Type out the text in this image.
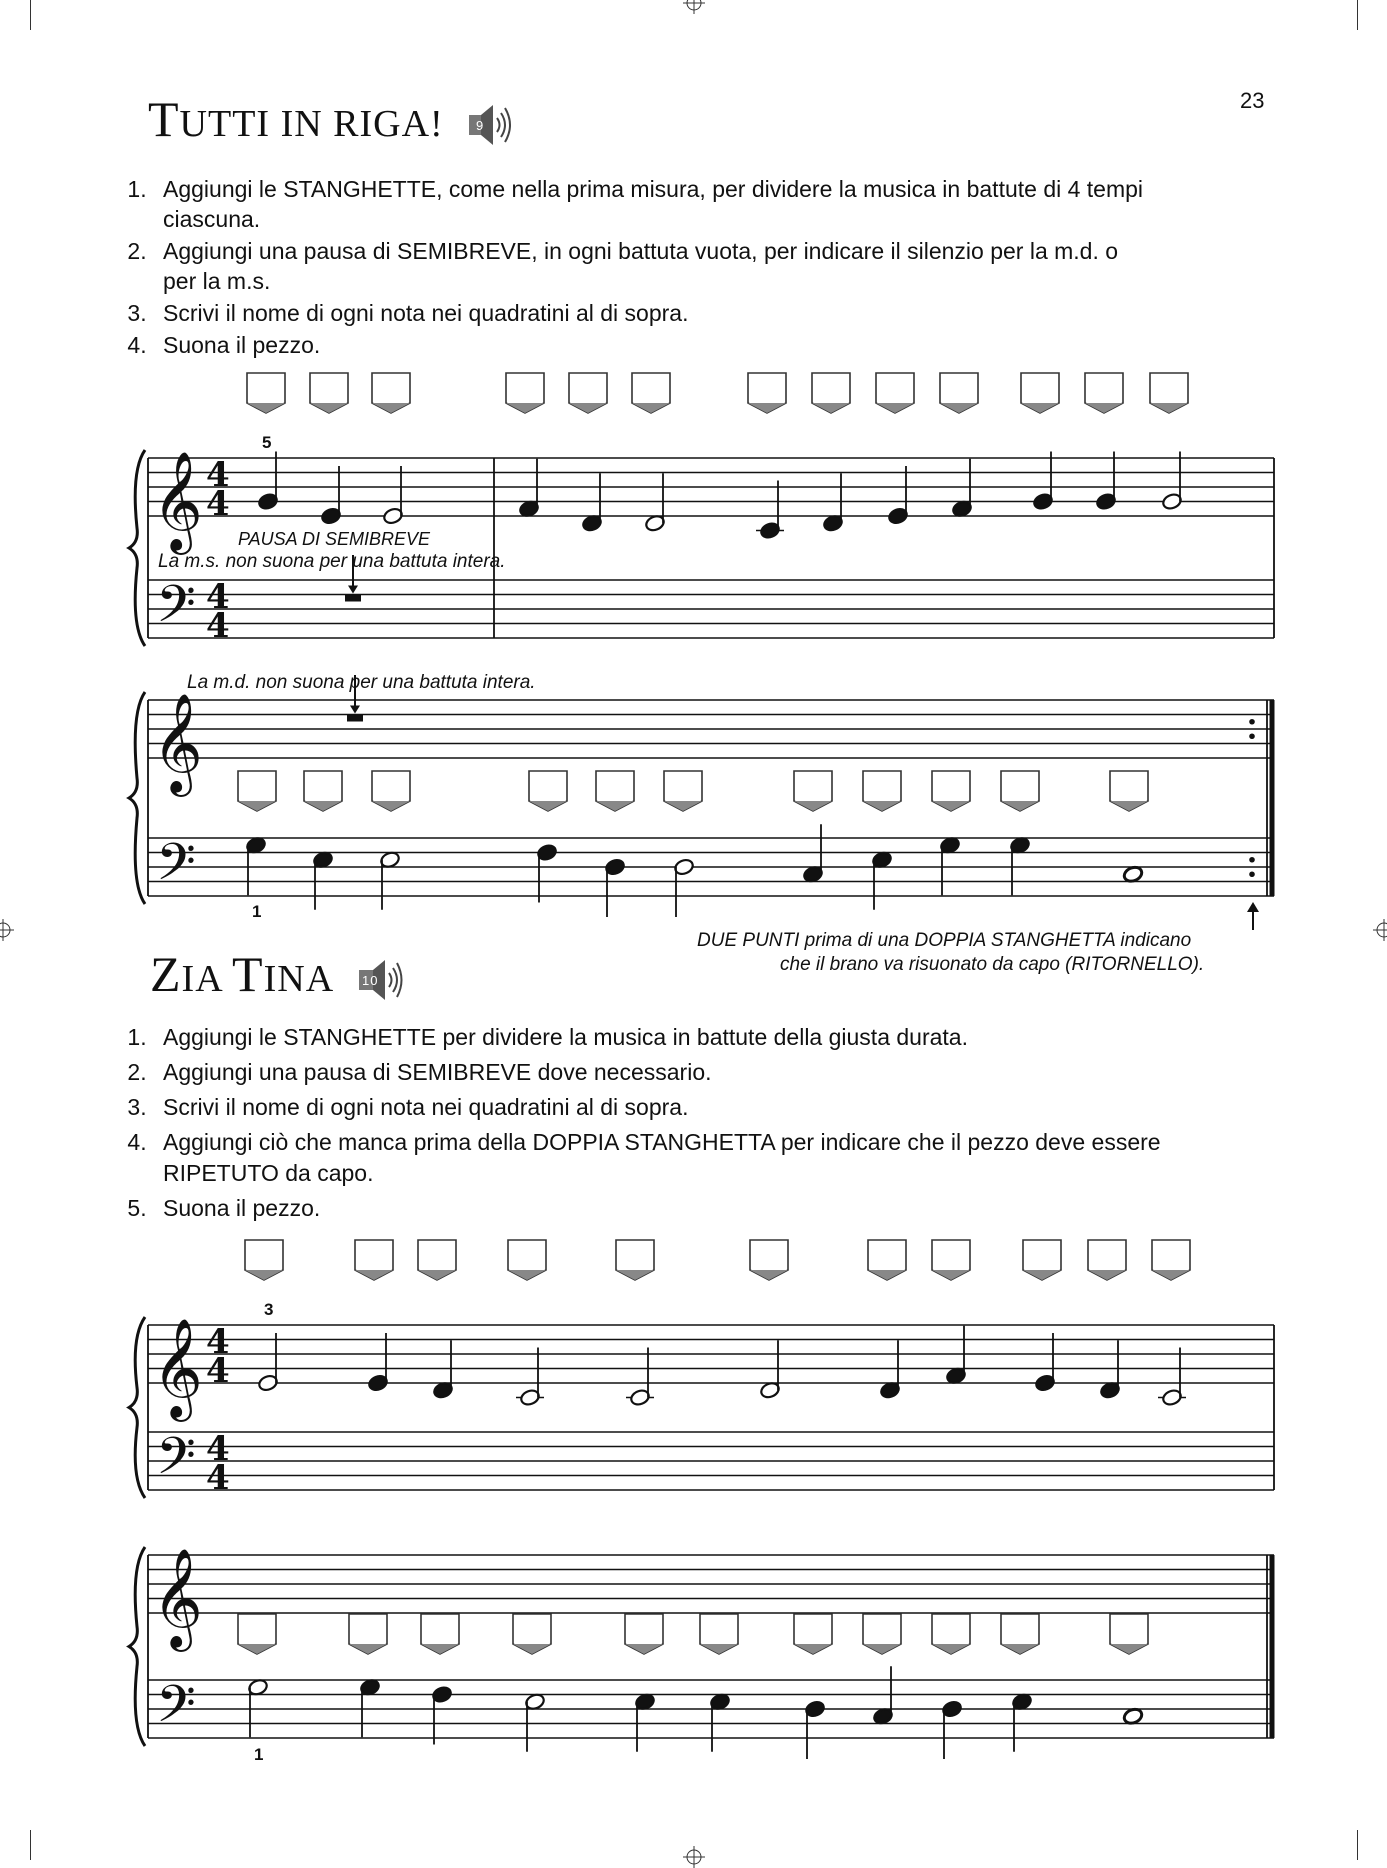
23
TUTTI IN RIGA! 9
1. Aggiungi le STANGHETTE, come nella prima misura, per dividere la musica in battute di 4 tempi ciascuna.
2. Aggiungi una pausa di SEMIBREVE, in ogni battuta vuota, per indicare il silenzio per la m.d. o per la m.s.
3. Scrivi il nome di ogni nota nei quadratini al di sopra.
4. Suona il pezzo.
PAUSA DI SEMIBREVE
La m.s. non suona per una battuta intera.
La m.d. non suona per una battuta intera.
DUE PUNTI prima di una DOPPIA STANGHETTA indicano
che il brano va risuonato da capo (RITORNELLO).
ZIA TINA 10
1. Aggiungi le STANGHETTE per dividere la musica in battute della giusta durata.
2. Aggiungi una pausa di SEMIBREVE dove necessario.
3. Scrivi il nome di ogni nota nei quadratini al di sopra.
4. Aggiungi ciò che manca prima della DOPPIA STANGHETTA per indicare che il pezzo deve essere RIPETUTO da capo.
5. Suona il pezzo.
𝄞
𝄢
4
4
4
4
5
𝄞
𝄢
1
𝄞
𝄢
4
4
4
4
3
𝄞
𝄢
1
